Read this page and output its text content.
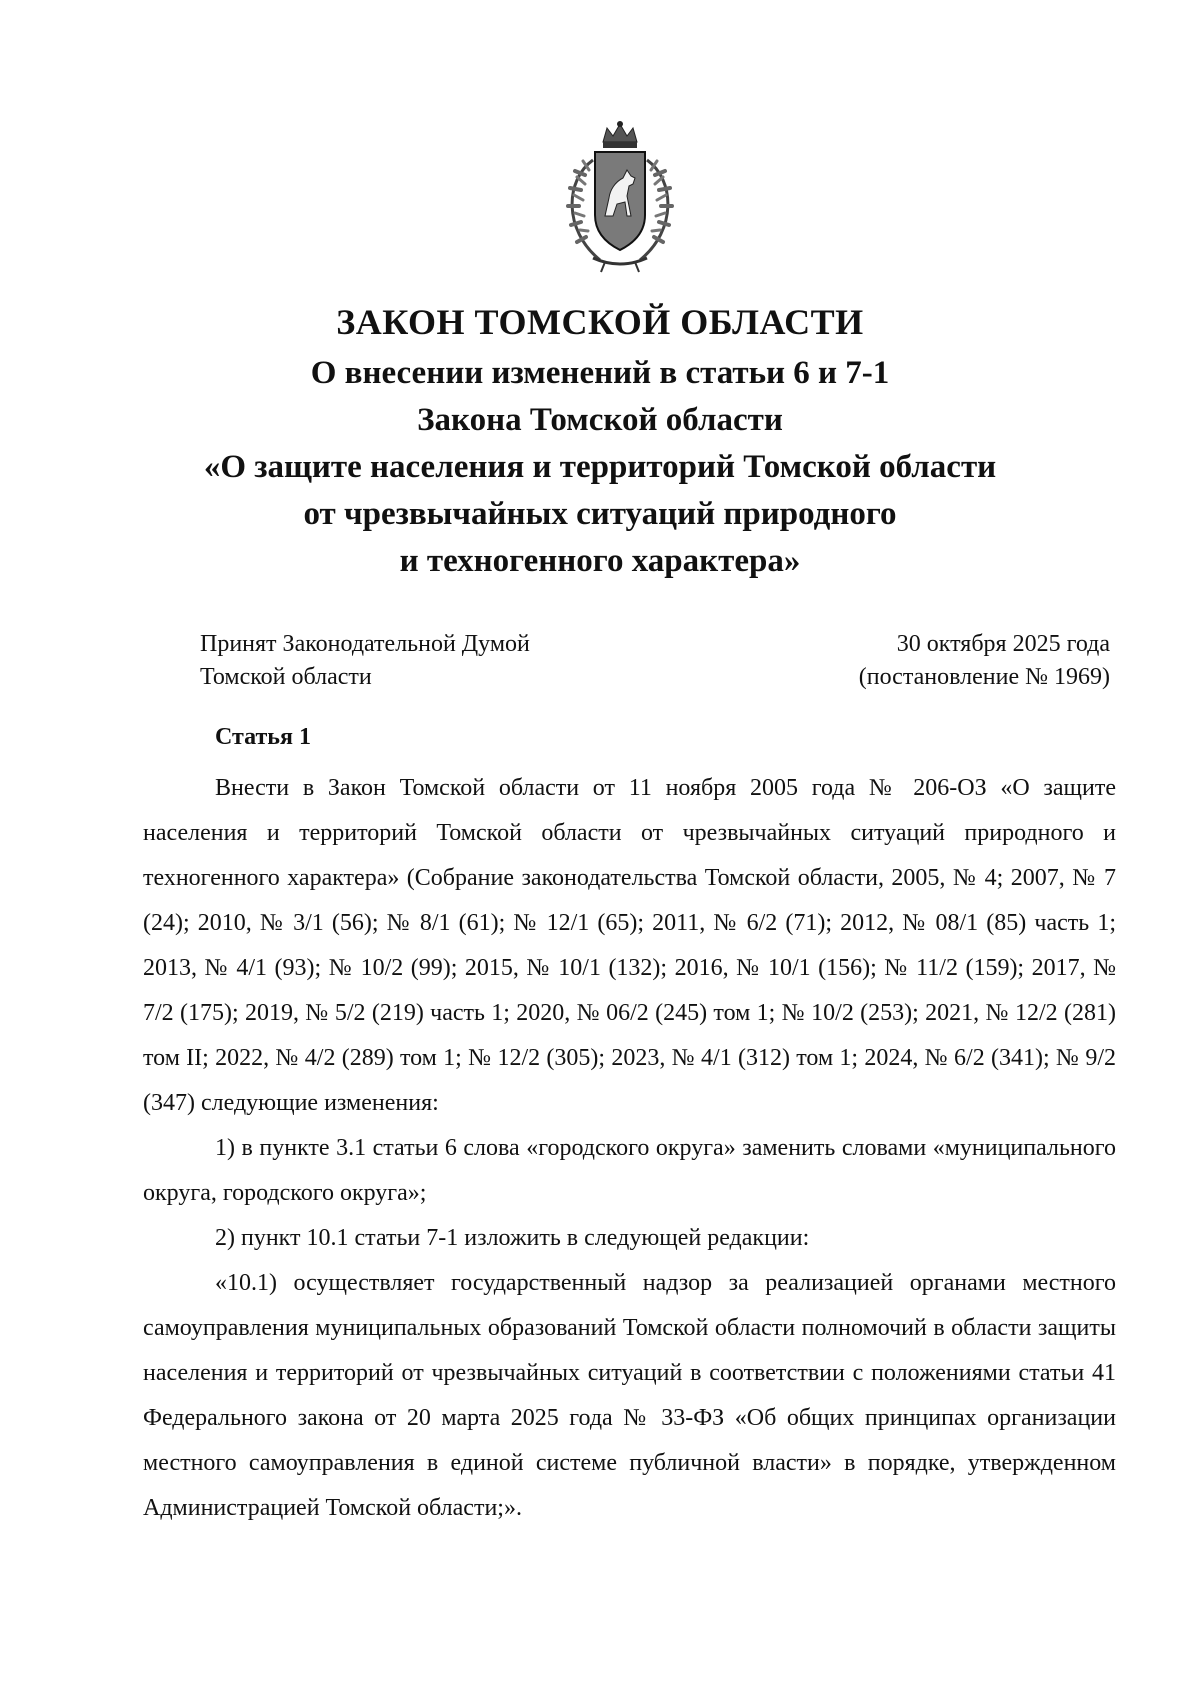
ЗАКОН ТОМСКОЙ ОБЛАСТИ

О внесении изменений в статьи 6 и 7-1
Закона Томской области
«О защите населения и территорий Томской области
от чрезвычайных ситуаций природного
и техногенного характера»

Принят Законодательной Думой
Томской области
30 октября 2025 года
(постановление № 1969)

Статья 1

Внести в Закон Томской области от 11 ноября 2005 года № 206-ОЗ «О защите населения и территорий Томской области от чрезвычайных ситуаций природного и техногенного характера» (Собрание законодательства Томской области, 2005, № 4; 2007, № 7 (24); 2010, № 3/1 (56); № 8/1 (61); № 12/1 (65); 2011, № 6/2 (71); 2012, № 08/1 (85) часть 1; 2013, № 4/1 (93); № 10/2 (99); 2015, № 10/1 (132); 2016, № 10/1 (156); № 11/2 (159); 2017, № 7/2 (175); 2019, № 5/2 (219) часть 1; 2020, № 06/2 (245) том 1; № 10/2 (253); 2021, № 12/2 (281) том II; 2022, № 4/2 (289) том 1; № 12/2 (305); 2023, № 4/1 (312) том 1; 2024, № 6/2 (341); № 9/2 (347) следующие изменения:

1) в пункте 3.1 статьи 6 слова «городского округа» заменить словами «муниципального округа, городского округа»;

2) пункт 10.1 статьи 7-1 изложить в следующей редакции:

«10.1) осуществляет государственный надзор за реализацией органами местного самоуправления муниципальных образований Томской области полномочий в области защиты населения и территорий от чрезвычайных ситуаций в соответствии с положениями статьи 41 Федерального закона от 20 марта 2025 года № 33-ФЗ «Об общих принципах организации местного самоуправления в единой системе публичной власти» в порядке, утвержденном Администрацией Томской области;».
